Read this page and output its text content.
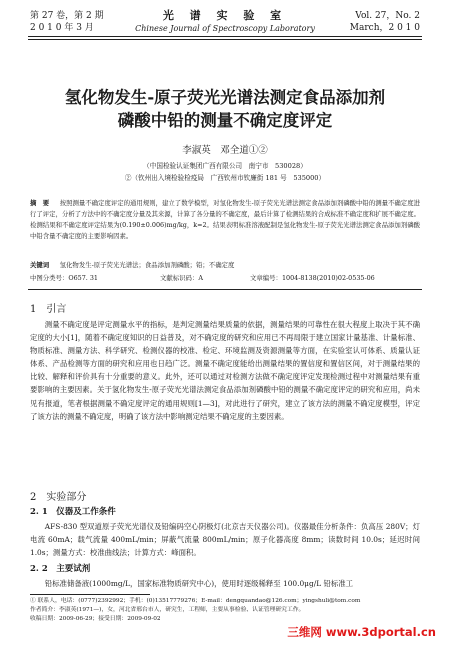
第 27 卷，第 2 期
2 0 1 0 年 3 月
光 谱 实 验 室
Chinese Journal of Spectroscopy Laboratory
Vol. 27，No. 2
March，2 0 1 0
氢化物发生-原子荧光光谱法测定食品添加剂
磷酸中铅的测量不确定度评定
李淑英　邓全道①②
（中国检验认证集团广西有限公司　南宁市　530028）
②（钦州出入境检验检疫局　广西钦州市钦廉街 181 号　535000）
摘　要 　 按照测量不确定度评定的通用规则，建立了数学模型，对氢化物发生-原子荧光光谱法测定食品添加剂磷酸中铅的测量不确定度进行了评定，分析了方法中的不确定度分量及其来源，计算了各分量的不确定度，最后计算了检测结果的合成标准不确定度和扩展不确定度。检测结果和不确定度评定结果为(0.190±0.006)mg/kg，k=2。结果表明标准溶液配制是氢化物发生-原子荧光光谱法测定食品添加剂磷酸中铅含量不确定度的主要影响因素。
关键词 　 氢化物发生-原子荧光光谱法；食品添加剂磷酸；铅；不确定度
中图分类号：O657. 31	文献标识码：A	文章编号：1004-8138(2010)02-0535-06
1　引言

测量不确定度是评定测量水平的指标，是判定测量结果质量的依据，测量结果的可靠性在很大程度上取决于其不确定度的大小[1]，随着不确定度知识的日益普及，对不确定度的研究和应用已不再局限于建立国家计量基准、计量标准、物质标准、测量方法、科学研究、检测仪器的校准、检定、环境监测及资源测量等方面，在实验室认可体系、质量认证体系、产品检测等方面的研究和应用也日趋广泛。测量不确定度能给出测量结果的置信度和置信区间，对于测量结果的比较、解释和评价具有十分重要的意义。此外，还可以通过对检测方法做不确定度评定发现检测过程中对测量结果有重要影响的主要因素。关于氢化物发生-原子荧光光谱法测定食品添加剂磷酸中铅的测量不确定度评定的研究和应用，尚未见有报道，笔者根据测量不确定度评定的通用规则[1—3]，对此进行了研究，建立了该方法的测量不确定度模型，评定了该方法的测量不确定度，明确了该方法中影响测定结果不确定度的主要因素。

2　实验部分
2. 1　仪器及工作条件

AFS-830 型双道原子荧光光谱仪及铅编码空心阴极灯(北京吉天仪器公司)。仪器最佳分析条件：负高压 280V；灯电流 60mA；载气流量 400mL/min；屏蔽气流量 800mL/min；原子化器高度 8mm；读数时间 10.0s；延迟时间 1.0s；测量方式：校准曲线法；计算方式：峰面积。

2. 2　主要试剂

铅标准储备液(1000mg/L，国家标准物质研究中心)，使用时逐级稀释至 100.0μg/L 铅标准工

① 联系人，电话：(0777)2392992；手机：(0)13517779276；E-mail：dengquandao@126.com；yingshuli@tom.com
作者简介：李淑英(1971—)，女，河北省邢台市人，研究生，工程师，主要从事检验、认证管理研究工作。
收稿日期：2009-06-29；接受日期：2009-09-02
三维网 www.3dportal.cn
